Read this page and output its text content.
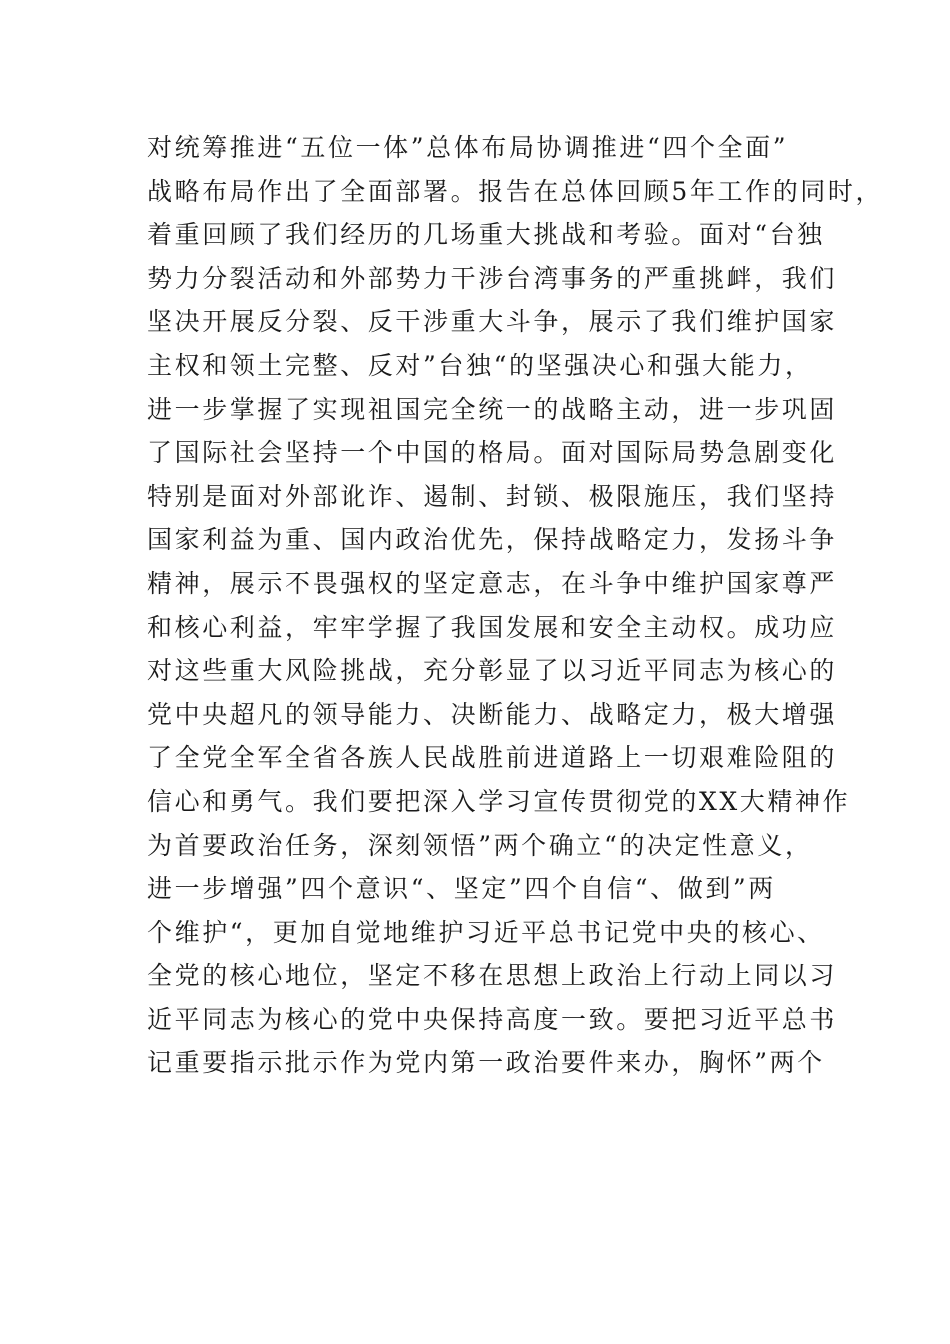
对统筹推进“五位一体”总体布局协调推进“四个全面”
战略布局作出了全面部署。报告在总体回顾5年工作的同时，
着重回顾了我们经历的几场重大挑战和考验。面对“台独
势力分裂活动和外部势力干涉台湾事务的严重挑衅，我们
坚决开展反分裂、反干涉重大斗争，展示了我们维护国家
主权和领土完整、反对”台独“的坚强决心和强大能力，
进一步掌握了实现祖国完全统一的战略主动，进一步巩固
了国际社会坚持一个中国的格局。面对国际局势急剧变化
特别是面对外部讹诈、遏制、封锁、极限施压，我们坚持
国家利益为重、国内政治优先，保持战略定力，发扬斗争
精神，展示不畏强权的坚定意志，在斗争中维护国家尊严
和核心利益，牢牢学握了我国发展和安全主动权。成功应
对这些重大风险挑战，充分彰显了以习近平同志为核心的
党中央超凡的领导能力、决断能力、战略定力，极大增强
了全党全军全省各族人民战胜前进道路上一切艰难险阻的
信心和勇气。我们要把深入学习宣传贯彻党的XX大精神作
为首要政治任务，深刻领悟”两个确立“的决定性意义，
进一步增强”四个意识“、坚定”四个自信“、做到”两
个维护“，更加自觉地维护习近平总书记党中央的核心、
全党的核心地位，坚定不移在思想上政治上行动上同以习
近平同志为核心的党中央保持高度一致。要把习近平总书
记重要指示批示作为党内第一政治要件来办，胸怀”两个
